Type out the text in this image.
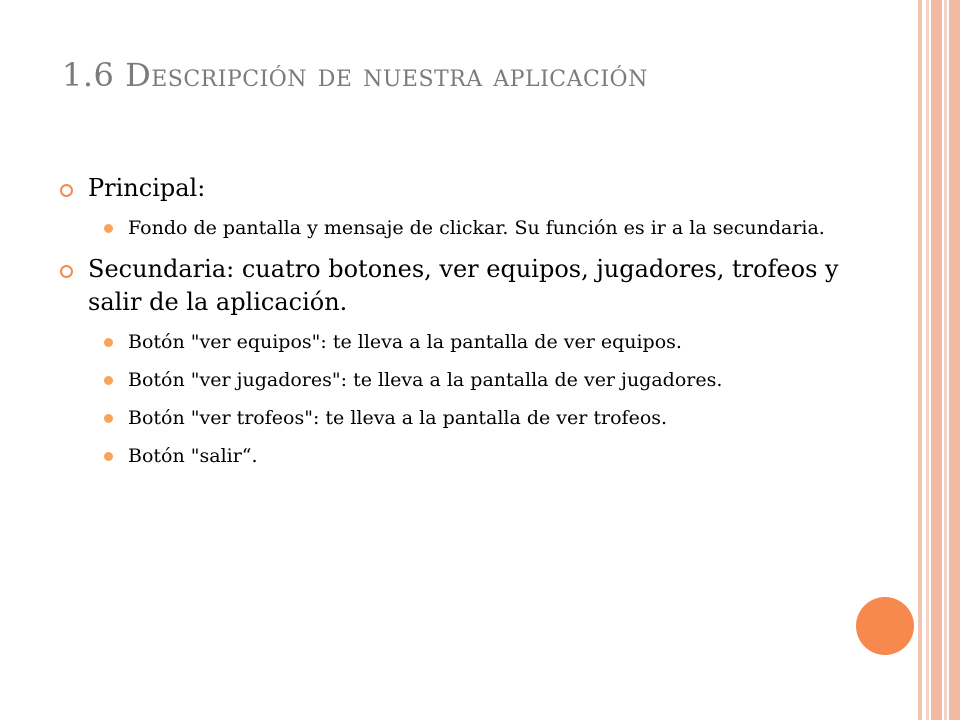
1.6 Descripción de nuestra aplicación
Principal:
Fondo de pantalla y mensaje de clickar. Su función es ir a la secundaria.
Secundaria: cuatro botones, ver equipos, jugadores, trofeos y salir de la aplicación.
Botón "ver equipos": te lleva a la pantalla de ver equipos.
Botón "ver jugadores": te lleva a la pantalla de ver jugadores.
Botón "ver trofeos": te lleva a la pantalla de ver trofeos.
Botón "salir“.
